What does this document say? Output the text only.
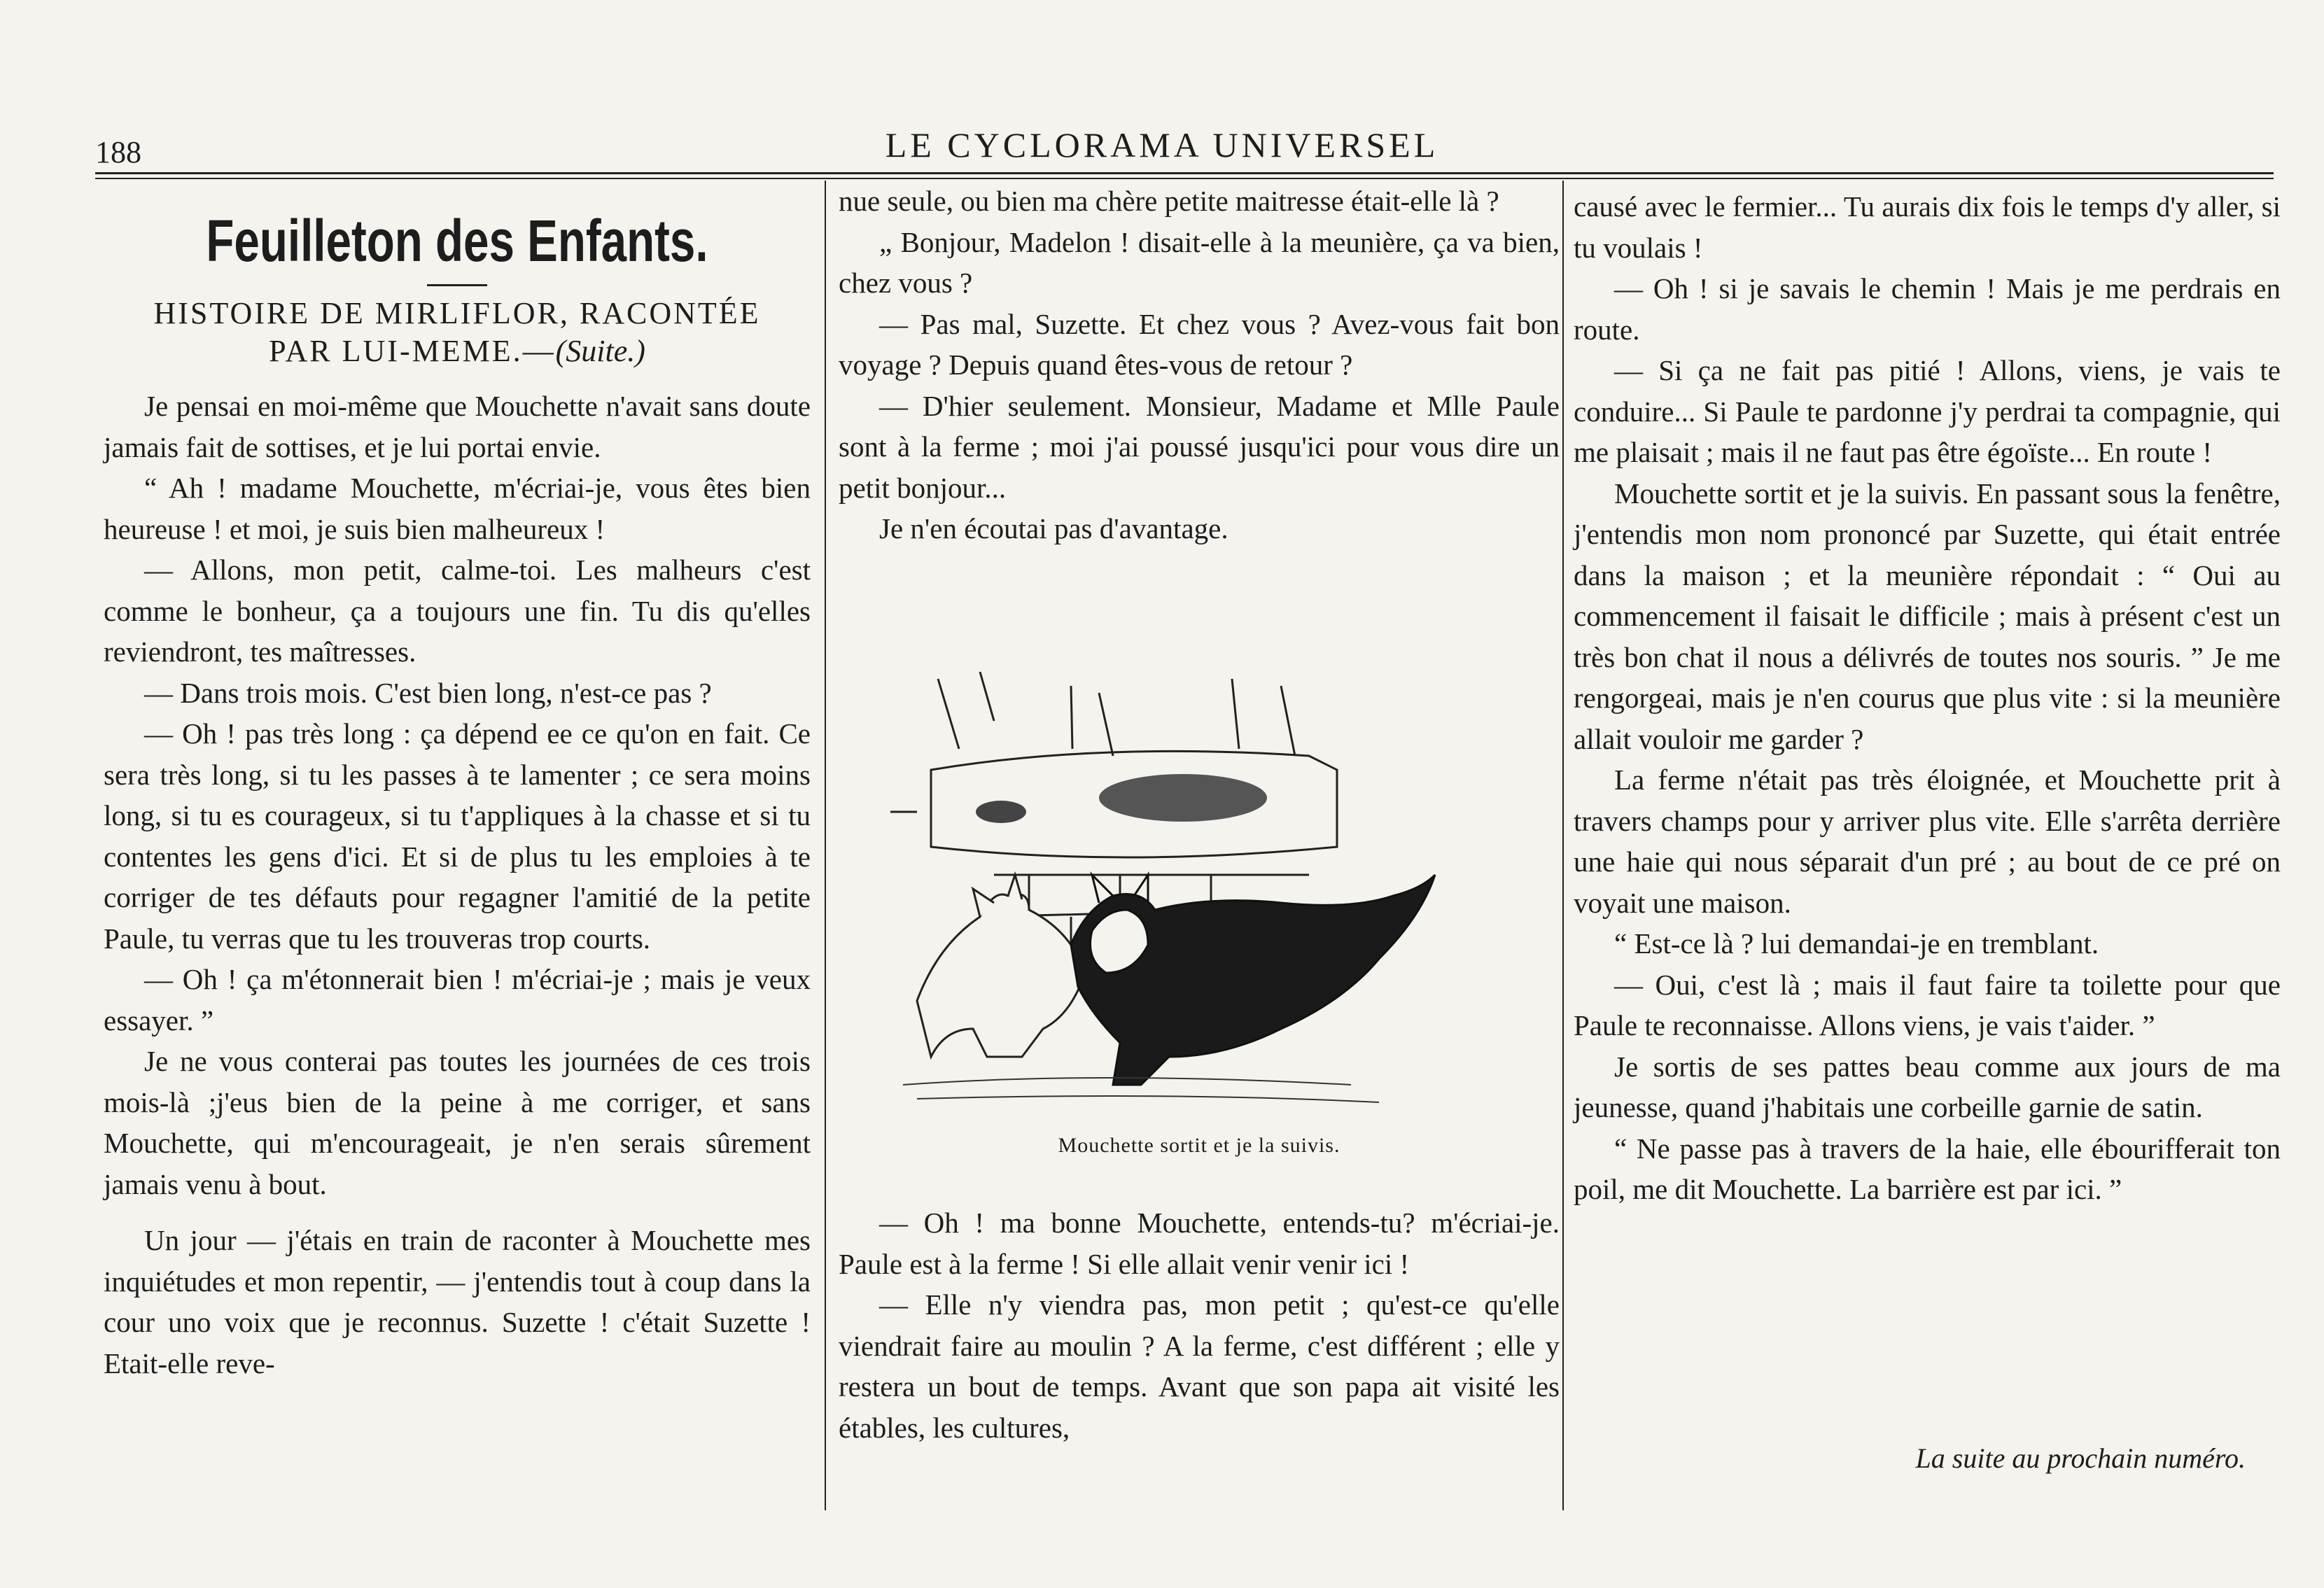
188	LE CYCLORAMA UNIVERSEL
Feuilleton des Enfants.
HISTOIRE DE MIRLIFLOR, RACONTÉE
PAR LUI-MEME.—(Suite.)

Je pensai en moi-même que Mouchette n'avait sans doute jamais fait de sottises, et je lui portai envie.

“ Ah ! madame Mouchette, m'écriai-je, vous êtes bien heureuse ! et moi, je suis bien malheureux !

— Allons, mon petit, calme-toi. Les malheurs c'est comme le bonheur, ça a toujours une fin. Tu dis qu'elles reviendront, tes maîtresses.

— Dans trois mois. C'est bien long, n'est-ce pas ?

— Oh ! pas très long : ça dépend ee ce qu'on en fait. Ce sera très long, si tu les passes à te lamenter ; ce sera moins long, si tu es courageux, si tu t'appliques à la chasse et si tu contentes les gens d'ici. Et si de plus tu les emploies à te corriger de tes défauts pour regagner l'amitié de la petite Paule, tu verras que tu les trouveras trop courts.

— Oh ! ça m'étonnerait bien ! m'écriai-je ; mais je veux essayer. ”

Je ne vous conterai pas toutes les journées de ces trois mois-là ;j'eus bien de la peine à me corriger, et sans Mouchette, qui m'encourageait, je n'en serais sûrement jamais venu à bout.

Un jour — j'étais en train de raconter à Mouchette mes inquiétudes et mon repentir, — j'entendis tout à coup dans la cour uno voix que je reconnus. Suzette ! c'était Suzette ! Etait-elle reve-

nue seule, ou bien ma chère petite maitresse était-elle là ?

„ Bonjour, Madelon ! disait-elle à la meunière, ça va bien, chez vous ?

— Pas mal, Suzette. Et chez vous ? Avez-vous fait bon voyage ? Depuis quand êtes-vous de retour ?

— D'hier seulement. Monsieur, Madame et Mlle Paule sont à la ferme ; moi j'ai poussé jusqu'ici pour vous dire un petit bonjour...

Je n'en écoutai pas d'avantage.

Mouchette sortit et je la suivis.

— Oh ! ma bonne Mouchette, entends-tu? m'écriai-je. Paule est à la ferme ! Si elle allait venir venir ici !

— Elle n'y viendra pas, mon petit ; qu'est-ce qu'elle viendrait faire au moulin ? A la ferme, c'est différent ; elle y restera un bout de temps. Avant que son papa ait visité les étables, les cultures,

causé avec le fermier... Tu aurais dix fois le temps d'y aller, si tu voulais !

— Oh ! si je savais le chemin ! Mais je me perdrais en route.

— Si ça ne fait pas pitié ! Allons, viens, je vais te conduire... Si Paule te pardonne j'y perdrai ta compagnie, qui me plaisait ; mais il ne faut pas être égoïste... En route !

Mouchette sortit et je la suivis. En passant sous la fenêtre, j'entendis mon nom prononcé par Suzette, qui était entrée dans la maison ; et la meunière répondait : “ Oui au commencement il faisait le difficile ; mais à présent c'est un très bon chat il nous a délivrés de toutes nos souris. ” Je me rengorgeai, mais je n'en courus que plus vite : si la meunière allait vouloir me garder ?

La ferme n'était pas très éloignée, et Mouchette prit à travers champs pour y arriver plus vite. Elle s'arrêta derrière une haie qui nous séparait d'un pré ; au bout de ce pré on voyait une maison.

“ Est-ce là ? lui demandai-je en tremblant.

— Oui, c'est là ; mais il faut faire ta toilette pour que Paule te reconnaisse. Allons viens, je vais t'aider. ”

Je sortis de ses pattes beau comme aux jours de ma jeunesse, quand j'habitais une corbeille garnie de satin.

“ Ne passe pas à travers de la haie, elle ébourifferait ton poil, me dit Mouchette. La barrière est par ici. ”

La suite au prochain numéro.
